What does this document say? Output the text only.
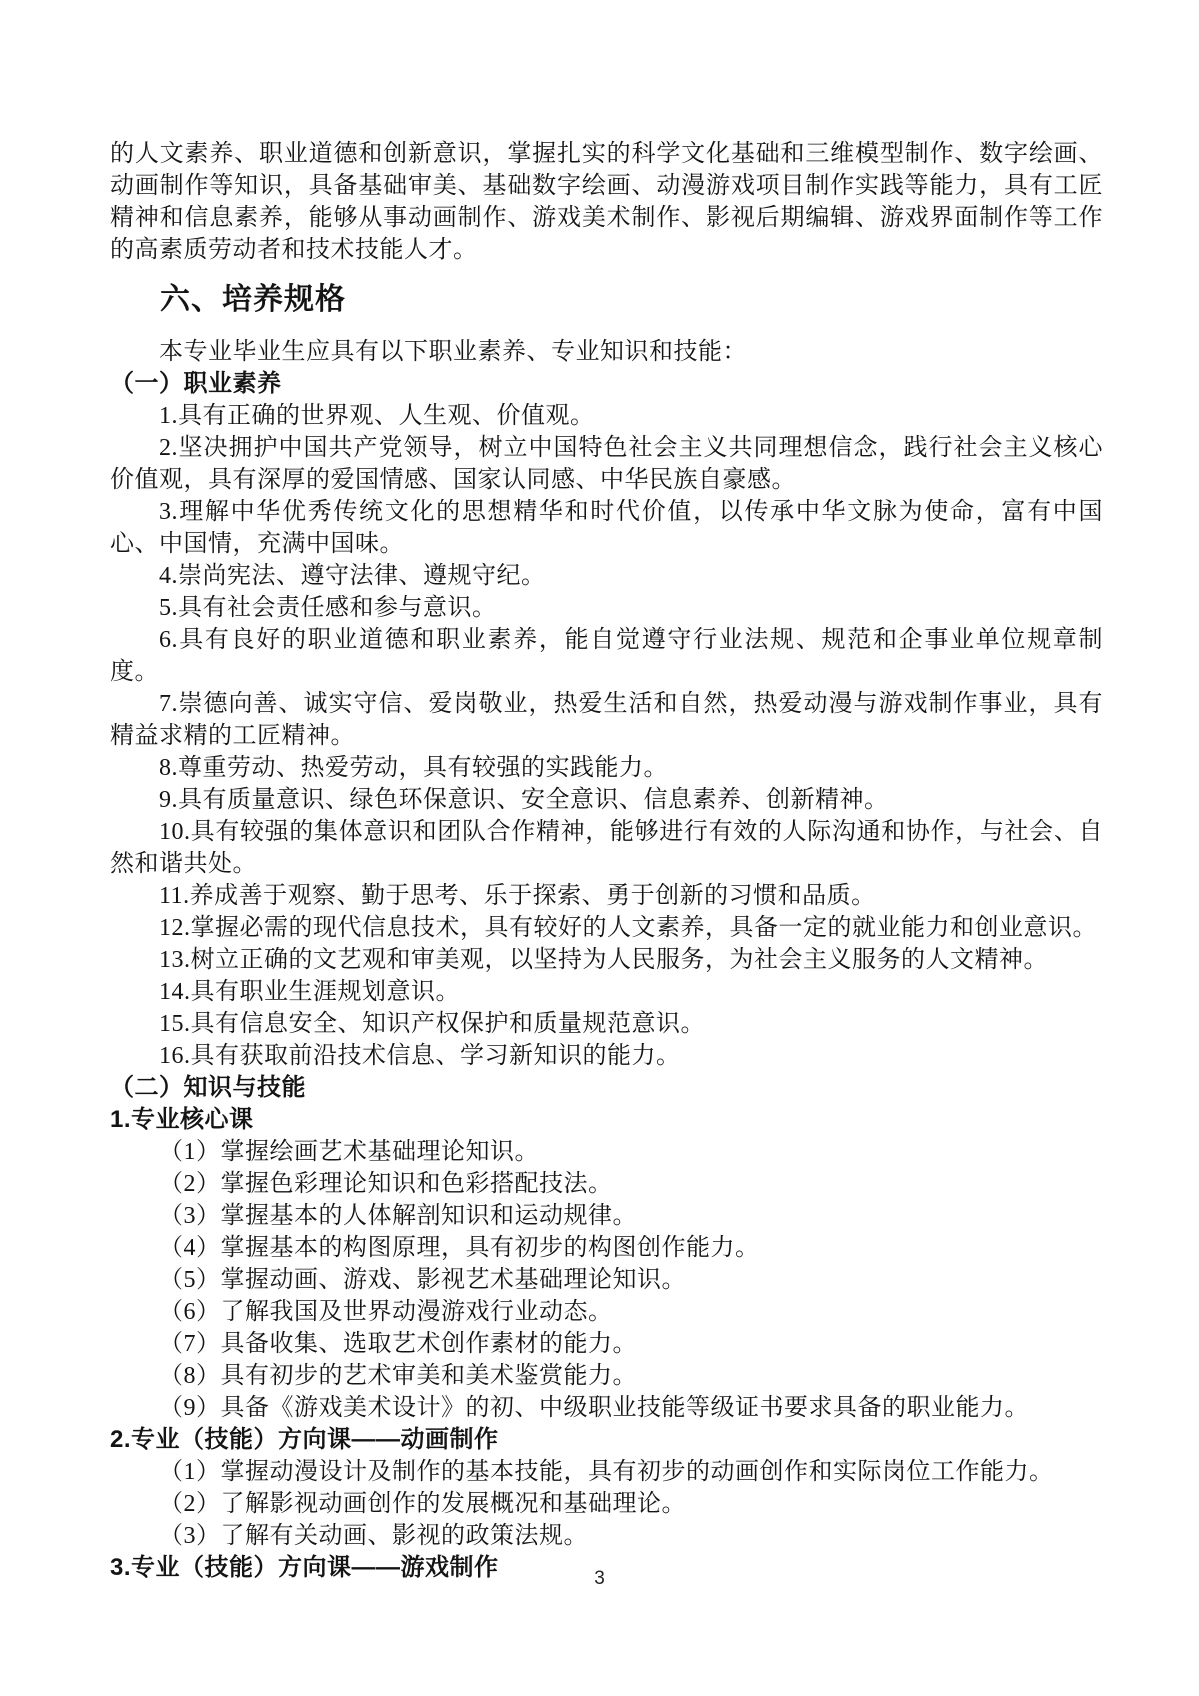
的人文素养、职业道德和创新意识，掌握扎实的科学文化基础和三维模型制作、数字绘画、动画制作等知识，具备基础审美、基础数字绘画、动漫游戏项目制作实践等能力，具有工匠精神和信息素养，能够从事动画制作、游戏美术制作、影视后期编辑、游戏界面制作等工作的高素质劳动者和技术技能人才。
六、培养规格
本专业毕业生应具有以下职业素养、专业知识和技能：
（一）职业素养
1.具有正确的世界观、人生观、价值观。
2.坚决拥护中国共产党领导，树立中国特色社会主义共同理想信念，践行社会主义核心价值观，具有深厚的爱国情感、国家认同感、中华民族自豪感。
3.理解中华优秀传统文化的思想精华和时代价值，以传承中华文脉为使命，富有中国心、中国情，充满中国味。
4.崇尚宪法、遵守法律、遵规守纪。
5.具有社会责任感和参与意识。
6.具有良好的职业道德和职业素养，能自觉遵守行业法规、规范和企事业单位规章制度。
7.崇德向善、诚实守信、爱岗敬业，热爱生活和自然，热爱动漫与游戏制作事业，具有精益求精的工匠精神。
8.尊重劳动、热爱劳动，具有较强的实践能力。
9.具有质量意识、绿色环保意识、安全意识、信息素养、创新精神。
10.具有较强的集体意识和团队合作精神，能够进行有效的人际沟通和协作，与社会、自然和谐共处。
11.养成善于观察、勤于思考、乐于探索、勇于创新的习惯和品质。
12.掌握必需的现代信息技术，具有较好的人文素养，具备一定的就业能力和创业意识。
13.树立正确的文艺观和审美观，以坚持为人民服务，为社会主义服务的人文精神。
14.具有职业生涯规划意识。
15.具有信息安全、知识产权保护和质量规范意识。
16.具有获取前沿技术信息、学习新知识的能力。
（二）知识与技能
1.专业核心课
（1）掌握绘画艺术基础理论知识。
（2）掌握色彩理论知识和色彩搭配技法。
（3）掌握基本的人体解剖知识和运动规律。
（4）掌握基本的构图原理，具有初步的构图创作能力。
（5）掌握动画、游戏、影视艺术基础理论知识。
（6）了解我国及世界动漫游戏行业动态。
（7）具备收集、选取艺术创作素材的能力。
（8）具有初步的艺术审美和美术鉴赏能力。
（9）具备《游戏美术设计》的初、中级职业技能等级证书要求具备的职业能力。
2.专业（技能）方向课——动画制作
（1）掌握动漫设计及制作的基本技能，具有初步的动画创作和实际岗位工作能力。
（2）了解影视动画创作的发展概况和基础理论。
（3）了解有关动画、影视的政策法规。
3.专业（技能）方向课——游戏制作	3
